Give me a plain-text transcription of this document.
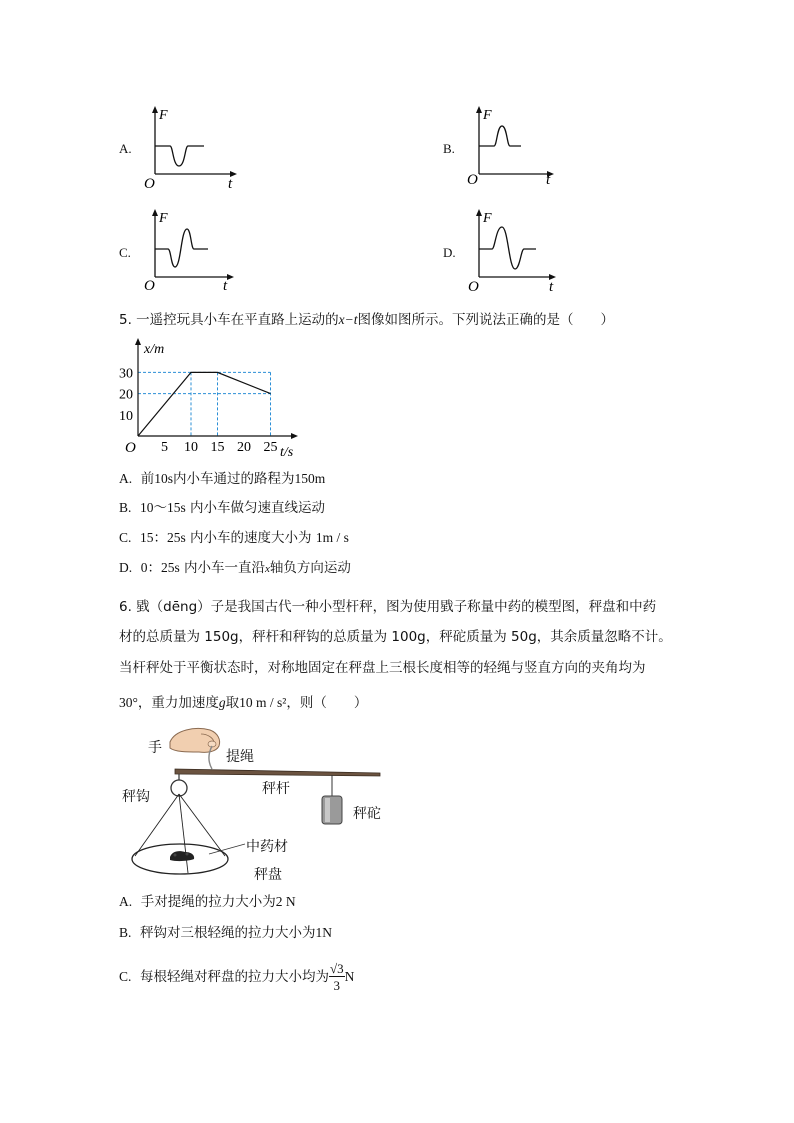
A.
F
t
O
B.
F
t
O
C.
F
t
O
D.
F
t
O
5. 一遥控玩具小车在平直路上运动的x−t图像如图所示。下列说法正确的是（　　）
5 10 15 20 25
10
20
30
x/m
t/s
O
A. 前10s内小车通过的路程为150m
B. 10～15s 内小车做匀速直线运动
C. 15：25s 内小车的速度大小为 1m / s
D. 0：25s 内小车一直沿x轴负方向运动
6. 戥（dēng）子是我国古代一种小型杆秤，图为使用戥子称量中药的模型图，秤盘和中药
材的总质量为 150g，秤杆和秤钩的总质量为 100g，秤砣质量为 50g，其余质量忽略不计。
当杆秤处于平衡状态时，对称地固定在秤盘上三根长度相等的轻绳与竖直方向的夹角均为
30°，重力加速度g取10 m / s²，则（　　）
手
提绳
秤钩	秤杆
秤砣
中药材
秤盘
A. 手对提绳的拉力大小为2 N
B. 秤钩对三根轻绳的拉力大小为1N
C. 每根轻绳对秤盘的拉力大小均为 $\frac{√3}{3}$ N
